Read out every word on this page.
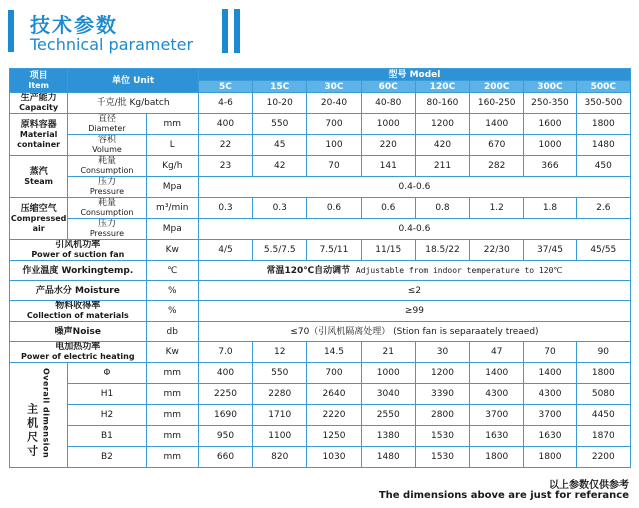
技术参数
Technical parameter
项目
Item	单位 Unit		型号 Model							
			5C	15C	30C	60C	120C	200C	300C	500C

生产能力
Capacity	千克/批 Kg/batch		4-6	10-20	20-40	40-80	80-160	160-250	250-350	350-500

原料容器
Material container	直径
Diameter	mm	400	550	700	1000	1200	1400	1600	1800

	容积
Volume	L	22	45	100	220	420	670	1000	1480

蒸汽
Steam	耗量
Consumption	Kg/h	23	42	70	141	211	282	366	450

	压力
Pressure	Mpa	0.4-0.6							

压缩空气
Compressed air	耗量
Consumption	m³/min	0.3	0.3	0.6	0.6	0.8	1.2	1.8	2.6

	压力
Pressure	Mpa	0.4-0.6							

引风机功率
Power of suction fan		Kw	4/5	5.5/7.5	7.5/11	11/15	18.5/22	22/30	37/45	45/55
作业温度 Workingtemp.		℃	常温120℃自动调节 Adjustable from indoor temperature to 120℃							
产品水分 Moisture		%	≤2							

物料收得率
Collection of materials		%	≥99							
噪声Noise		db	≤70（引风机隔离处理） (Stion fan is separaately treaed)							

电加热功率
Power of electric heating		Kw	7.0	12	14.5	21	30	47	70	90
主机尺寸 Overall dimension	Φ	mm	400	550	700	1000	1200	1400	1400	1800
	H1	mm	2250	2280	2640	3040	3390	4300	4300	5080
	H2	mm	1690	1710	2220	2550	2800	3700	3700	4450
	B1	mm	950	1100	1250	1380	1530	1630	1630	1870
	B2	mm	660	820	1030	1480	1530	1800	1800	2200
以上参数仅供参考
The dimensions above are just for referance
